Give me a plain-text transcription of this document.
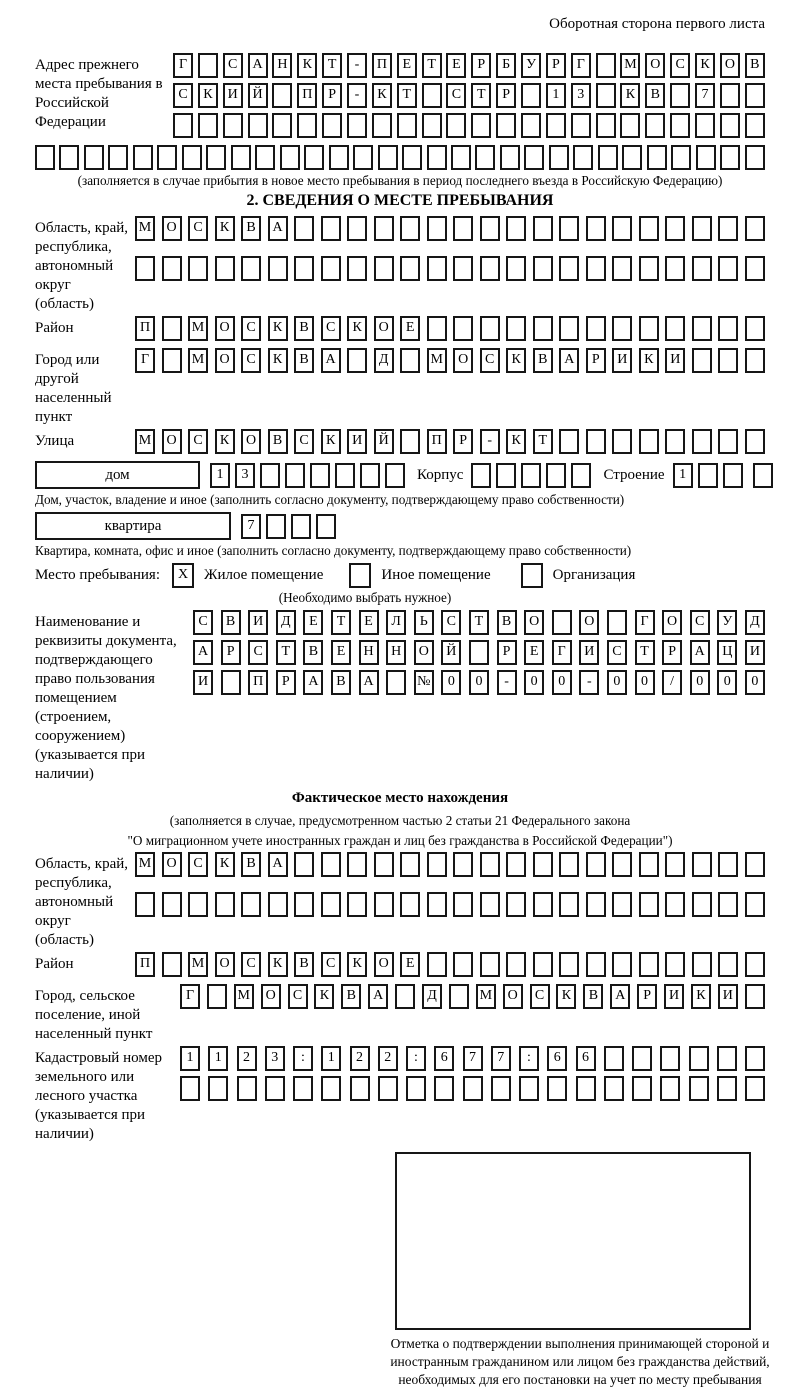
Оборотная сторона первого листа
Адрес прежнего места пребывания в Российской Федерации
Г	С	А	Н	К	Т	-	П	Е	Т	Е	Р	Б	У	Р	Г	М О	С	К	О	В
С	К	И	Й	П	Р	-	К	Т	С	Т	Р	1	3	К	В	7
(заполняется в случае прибытия в новое место пребывания в период последнего въезда в Российскую Федерацию)
2. СВЕДЕНИЯ О МЕСТЕ ПРЕБЫВАНИЯ
Область, край, республика, автономный округ (область)
М	О	С	К	В	А
Район	П	М	О	С	К	В	С	К	О	Е
Город или другой населенный пункт
Г	М	О	С	К	В	А	Д	М	О	С	К	В	А	Р	И	К	И
Улица	М	О	С	К	О	В	С	К	И	Й	П	Р	-	К	Т
дом	1	3	Корпус	Строение	1
Дом, участок, владение и иное (заполнить согласно документу, подтверждающему право собственности)
квартира	7
Квартира, комната, офис и иное (заполнить согласно документу, подтверждающему право собственности)
Место пребывания:	X	Жилое помещение	Иное помещение	Организация
(Необходимо выбрать нужное)
Наименование и реквизиты документа, подтверждающего право пользования помещением (строением, сооружением) (указывается при наличии)
С	В	И	Д	Е	Т	Е	Л	Ь	С	Т	В	О	О	Г	О	С	У	Д
А	Р	С	Т	В	Е	Н	Н	О	Й	Р	Е	Г	И	С	Т	Р	А	Ц	И
И	П	Р	А	В	А	№	0	0	-	0	0	-	0	0	/	0	0	0
Фактическое место нахождения
(заполняется в случае, предусмотренном частью 2 статьи 21 Федерального закона
"О миграционном учете иностранных граждан и лиц без гражданства в Российской Федерации")
Область, край, республика, автономный округ (область)
М	О	С	К	В	А
Район	П	М	О	С	К	В	С	К	О	Е
Город, сельское поселение, иной населенный пункт
Г	М	О	С	К	В	А	Д	М	О	С	К	В	А	Р	И	К	И
Кадастровый номер земельного или лесного участка (указывается при наличии)
1	1	2	3	:	1	2	2	:	6	7	7	:	6	6
Отметка о подтверждении выполнения принимающей стороной и иностранным гражданином или лицом без гражданства действий, необходимых для его постановки на учет по месту пребывания
